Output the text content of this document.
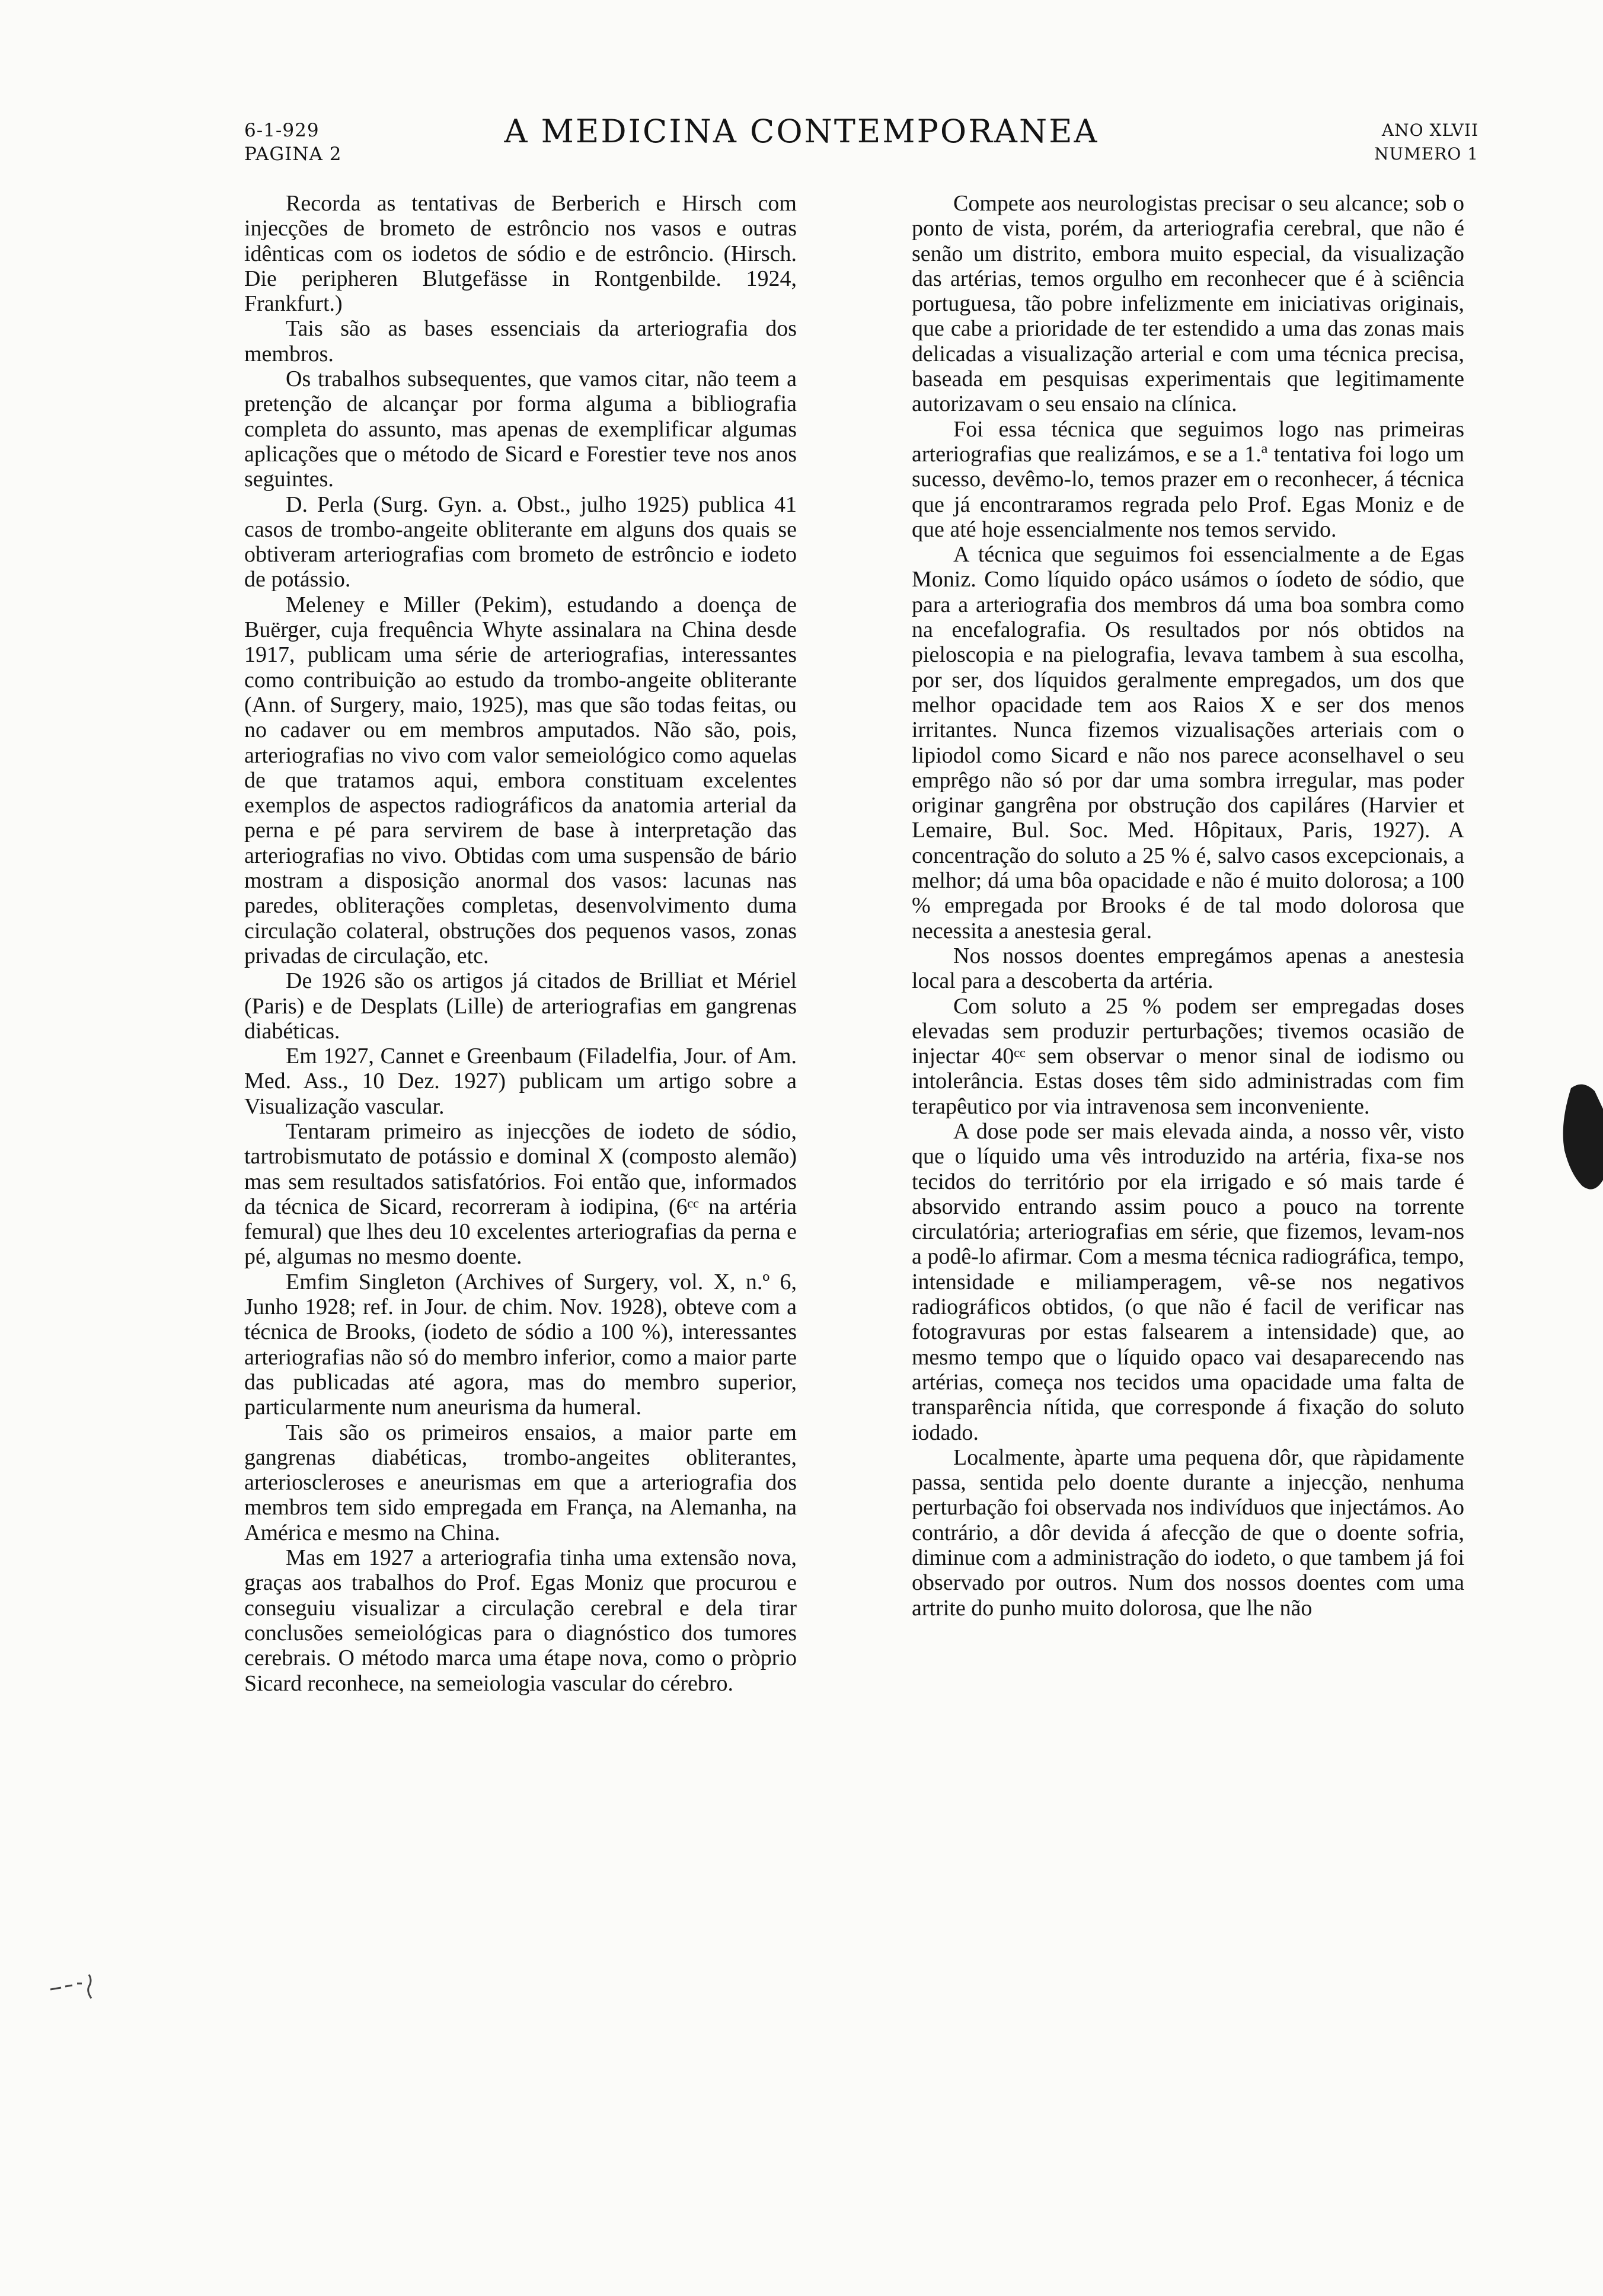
6-1-929
PAGINA 2
A MEDICINA CONTEMPORANEA	ANO XLVII
NUMERO 1

Recorda as tentativas de Berberich e Hirsch com injecções de brometo de estrôncio nos vasos e outras idênticas com os iodetos de sódio e de estrôncio. (Hirsch. Die peripheren Blutgefässe in Rontgenbilde. 1924, Frankfurt.)

Tais são as bases essenciais da arteriografia dos membros.

Os trabalhos subsequentes, que vamos citar, não teem a pretenção de alcançar por forma alguma a bibliografia completa do assunto, mas apenas de exemplificar algumas aplicações que o método de Sicard e Forestier teve nos anos seguintes.

D. Perla (Surg. Gyn. a. Obst., julho 1925) publica 41 casos de trombo-angeite obliterante em alguns dos quais se obtiveram arteriografias com brometo de estrôncio e iodeto de potássio.

Meleney e Miller (Pekim), estudando a doença de Buërger, cuja frequência Whyte assinalara na China desde 1917, publicam uma série de arteriografias, interessantes como contribuição ao estudo da trombo-angeite obliterante (Ann. of Surgery, maio, 1925), mas que são todas feitas, ou no cadaver ou em membros amputados. Não são, pois, arteriografias no vivo com valor semeiológico como aquelas de que tratamos aqui, embora constituam excelentes exemplos de aspectos radiográficos da anatomia arterial da perna e pé para servirem de base à interpretação das arteriografias no vivo. Obtidas com uma suspensão de bário mostram a disposição anormal dos vasos: lacunas nas paredes, obliterações completas, desenvolvimento duma circulação colateral, obstruções dos pequenos vasos, zonas privadas de circulação, etc.

De 1926 são os artigos já citados de Brilliat et Mériel (Paris) e de Desplats (Lille) de arteriografias em gangrenas diabéticas.

Em 1927, Cannet e Greenbaum (Filadelfia, Jour. of Am. Med. Ass., 10 Dez. 1927) publicam um artigo sobre a Visualização vascular.

Tentaram primeiro as injecções de iodeto de sódio, tartrobismutato de potássio e dominal X (composto alemão) mas sem resultados satisfatórios. Foi então que, informados da técnica de Sicard, recorreram à iodipina, (6ᶜᶜ na artéria femural) que lhes deu 10 excelentes arteriografias da perna e pé, algumas no mesmo doente.

Emfim Singleton (Archives of Surgery, vol. X, n.º 6, Junho 1928; ref. in Jour. de chim. Nov. 1928), obteve com a técnica de Brooks, (iodeto de sódio a 100 %), interessantes arteriografias não só do membro inferior, como a maior parte das publicadas até agora, mas do membro superior, particularmente num aneurisma da humeral.

Tais são os primeiros ensaios, a maior parte em gangrenas diabéticas, trombo-angeites obliterantes, arterioscleroses e aneurismas em que a arteriografia dos membros tem sido empregada em França, na Alemanha, na América e mesmo na China.

Mas em 1927 a arteriografia tinha uma extensão nova, graças aos trabalhos do Prof. Egas Moniz que procurou e conseguiu visualizar a circulação cerebral e dela tirar conclusões semeiológicas para o diagnóstico dos tumores cerebrais. O método marca uma étape nova, como o pròprio Sicard reconhece, na semeiologia vascular do cérebro.

Compete aos neurologistas precisar o seu alcance; sob o ponto de vista, porém, da arteriografia cerebral, que não é senão um distrito, embora muito especial, da visualização das artérias, temos orgulho em reconhecer que é à sciência portuguesa, tão pobre infelizmente em iniciativas originais, que cabe a prioridade de ter estendido a uma das zonas mais delicadas a visualização arterial e com uma técnica precisa, baseada em pesquisas experimentais que legitimamente autorizavam o seu ensaio na clínica.

Foi essa técnica que seguimos logo nas primeiras arteriografias que realizámos, e se a 1.ª tentativa foi logo um sucesso, devêmo-lo, temos prazer em o reconhecer, á técnica que já encontraramos regrada pelo Prof. Egas Moniz e de que até hoje essencialmente nos temos servido.

A técnica que seguimos foi essencialmente a de Egas Moniz. Como líquido opáco usámos o íodeto de sódio, que para a arteriografia dos membros dá uma boa sombra como na encefalografia. Os resultados por nós obtidos na pieloscopia e na pielografia, levava tambem à sua escolha, por ser, dos líquidos geralmente empregados, um dos que melhor opacidade tem aos Raios X e ser dos menos irritantes. Nunca fizemos vizualisações arteriais com o lipiodol como Sicard e não nos parece aconselhavel o seu emprêgo não só por dar uma sombra irregular, mas poder originar gangrêna por obstrução dos capiláres (Harvier et Lemaire, Bul. Soc. Med. Hôpitaux, Paris, 1927). A concentração do soluto a 25 % é, salvo casos excepcionais, a melhor; dá uma bôa opacidade e não é muito dolorosa; a 100 % empregada por Brooks é de tal modo dolorosa que necessita a anestesia geral.

Nos nossos doentes empregámos apenas a anestesia local para a descoberta da artéria.

Com soluto a 25 % podem ser empregadas doses elevadas sem produzir perturbações; tivemos ocasião de injectar 40ᶜᶜ sem observar o menor sinal de iodismo ou intolerância. Estas doses têm sido administradas com fim terapêutico por via intravenosa sem inconveniente.

A dose pode ser mais elevada ainda, a nosso vêr, visto que o líquido uma vês introduzido na artéria, fixa-se nos tecidos do território por ela irrigado e só mais tarde é absorvido entrando assim pouco a pouco na torrente circulatória; arteriografias em série, que fizemos, levam-nos a podê-lo afirmar. Com a mesma técnica radiográfica, tempo, intensidade e miliamperagem, vê-se nos negativos radiográficos obtidos, (o que não é facil de verificar nas fotogravuras por estas falsearem a intensidade) que, ao mesmo tempo que o líquido opaco vai desaparecendo nas artérias, começa nos tecidos uma opacidade uma falta de transparência nítida, que corresponde á fixação do soluto iodado.

Localmente, àparte uma pequena dôr, que ràpidamente passa, sentida pelo doente durante a injecção, nenhuma perturbação foi observada nos indivíduos que injectámos. Ao contrário, a dôr devida á afecção de que o doente sofria, diminue com a administração do iodeto, o que tambem já foi observado por outros. Num dos nossos doentes com uma artrite do punho muito dolorosa, que lhe não
